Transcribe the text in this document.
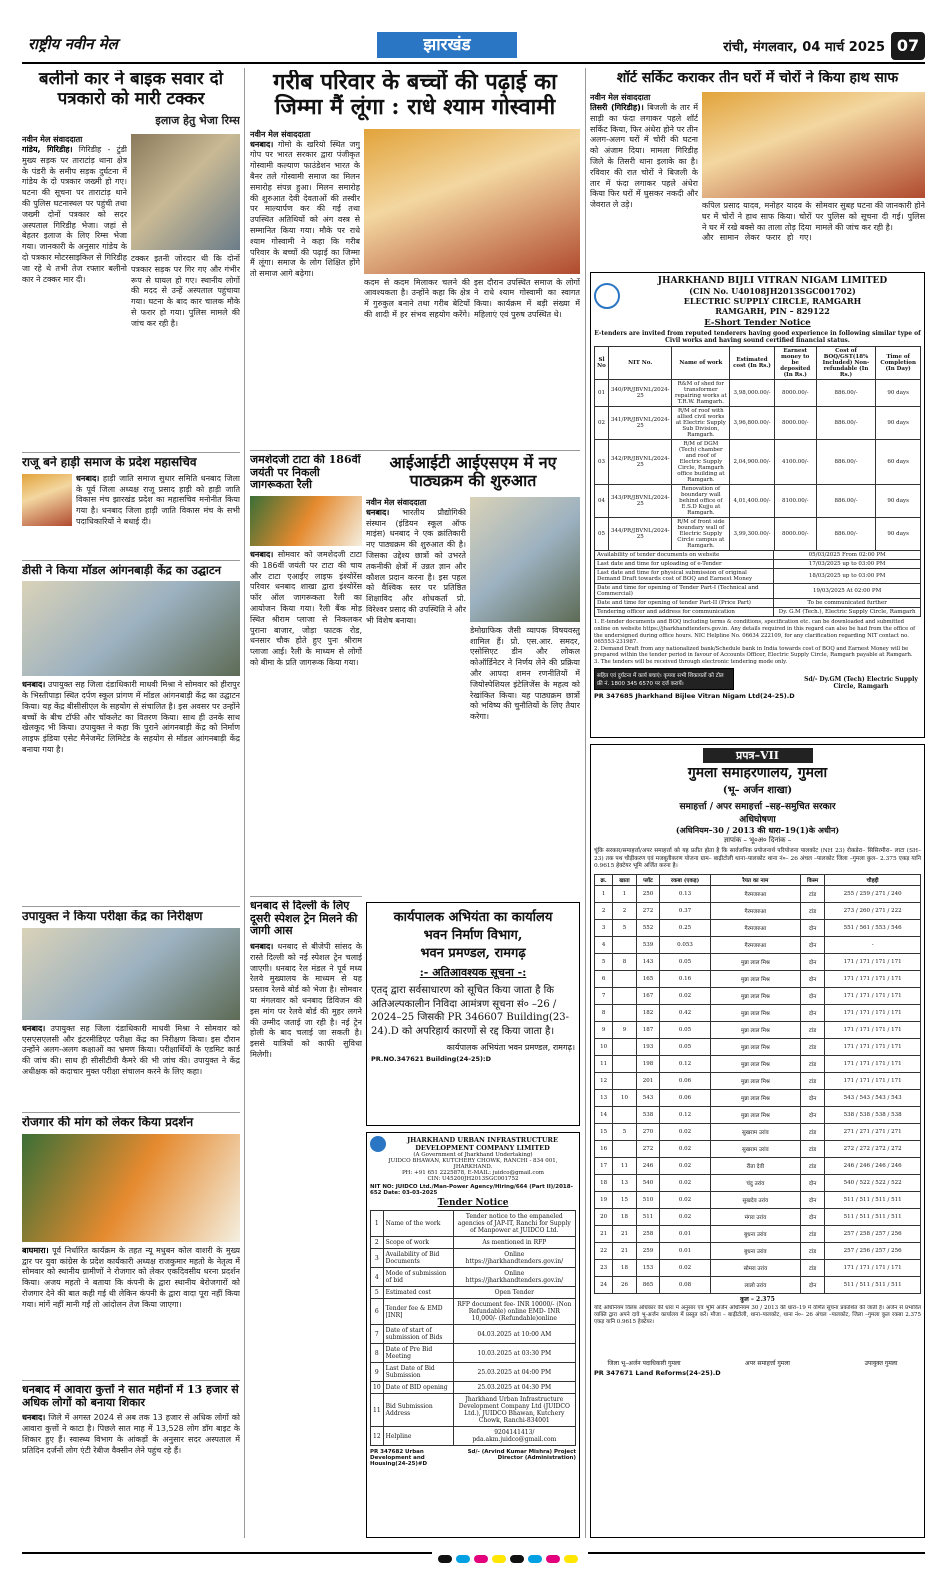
राष्ट्रीय नवीन मेल	झारखंड	रांची, मंगलवार, 04 मार्च 2025 07
बलीनो कार ने बाइक सवार दो पत्रकारो को मारी टक्कर
इलाज हेतु भेजा रिम्स
नवीन मेल संवाददाता
गांडेय, गिरिडीह। गिरिडीह - टुंडी मुख्य सड़क पर ताराटांड़ थाना क्षेत्र के पंडरी के समीप सड़क दुर्घटना में गांडेय के दो पत्रकार जख्मी हो गए। घटना की सूचना पर ताराटांड़ थाने की पुलिस घटनास्थल पर पहुंची तथा जख्मी दोनों पत्रकार को सदर अस्पताल गिरिडीह भेजा। जहां से बेहतर इलाज के लिए रिम्स भेजा गया। जानकारी के अनुसार गांडेय के दो पत्रकार मोटरसाइकिल से गिरिडीह जा रहे थे तभी तेज रफ्तार बलीनो कार ने टक्कर मार दी।
टक्कर इतनी जोरदार थी कि दोनों पत्रकार सड़क पर गिर गए और गंभीर रूप से घायल हो गए। स्थानीय लोगों की मदद से उन्हें अस्पताल पहुंचाया गया। घटना के बाद कार चालक मौके से फरार हो गया। पुलिस मामले की जांच कर रही है।
राजू बने हाड़ी समाज के प्रदेश महासचिव
धनबाद। हाड़ी जाति समाज सुधार समिति धनबाद जिला के पूर्व जिला अध्यक्ष राजू प्रसाद हाड़ी को हाड़ी जाति विकास मंच झारखंड प्रदेश का महासचिव मनोनीत किया गया है। धनबाद जिला हाड़ी जाति विकास मंच के सभी पदाधिकारियों ने बधाई दी।
डीसी ने किया मॉडल आंगनबाड़ी केंद्र का उद्घाटन
धनबाद। उपायुक्त सह जिला दंडाधिकारी माधवी मिश्रा ने सोमवार को हीरापुर के भिस्तीपाड़ा स्थित दर्पण स्कूल प्रांगण में मॉडल आंगनबाड़ी केंद्र का उद्घाटन किया। यह केंद्र बीसीसीएल के सहयोग से संचालित है। इस अवसर पर उन्होंने बच्चों के बीच टॉफी और चॉकलेट का वितरण किया। साथ ही उनके साथ खेलकूद भी किया। उपायुक्त ने कहा कि पुराने आंगनबाड़ी केंद्र को निर्माण लाइफ इंडिया एसेट मैनेजमेंट लिमिटेड के सहयोग से मॉडल आंगनबाड़ी केंद्र बनाया गया है।
उपायुक्त ने किया परीक्षा केंद्र का निरीक्षण
धनबाद। उपायुक्त सह जिला दंडाधिकारी माधवी मिश्रा ने सोमवार को एसएसएलसी और इंटरमीडिएट परीक्षा केंद्र का निरीक्षण किया। इस दौरान उन्होंने अलग-अलग कक्षाओं का भ्रमण किया। परीक्षार्थियों के एडमिट कार्ड की जांच की। साथ ही सीसीटीवी कैमरे की भी जांच की। उपायुक्त ने केंद्र अधीक्षक को कदाचार मुक्त परीक्षा संचालन करने के लिए कहा।
रोजगार की मांग को लेकर किया प्रदर्शन
बाघमारा। पूर्व निर्धारित कार्यक्रम के तहत न्यू मधुबन कोल वाशरी के मुख्य द्वार पर युवा कांग्रेस के प्रदेश कार्यकारी अध्यक्ष राजकुमार महतो के नेतृत्व में सोमवार को स्थानीय ग्रामीणों ने रोजगार को लेकर एकदिवसीय धरना प्रदर्शन किया। अजय महतो ने बताया कि कंपनी के द्वारा स्थानीय बेरोजगारों को रोजगार देने की बात कही गई थी लेकिन कंपनी के द्वारा वादा पूरा नहीं किया गया। मांगें नहीं मानी गईं तो आंदोलन तेज किया जाएगा।
धनबाद में आवारा कुत्तों ने सात महीनों में 13 हजार से अधिक लोगों को बनाया शिकार
धनबाद। जिले में अगस्त 2024 से अब तक 13 हजार से अधिक लोगों को आवारा कुत्तों ने काटा है। पिछले सात माह में 13,528 लोग डॉग बाइट के शिकार हुए हैं। स्वास्थ्य विभाग के आंकड़ों के अनुसार सदर अस्पताल में प्रतिदिन दर्जनों लोग एंटी रेबीज वैक्सीन लेने पहुंच रहे हैं।
गरीब परिवार के बच्चों की पढ़ाई का जिम्मा मैं लूंगा : राधे श्याम गोस्वामी
नवीन मेल संवाददाता
धनबाद। गोमो के खरियो स्थित जगु गोप पर भारत सरकार द्वारा पंजीकृत गोस्वामी कल्याण फाउंडेशन भारत के बैनर तले गोस्वामी समाज का मिलन समारोह संपन्न हुआ। मिलन समारोह की शुरुआत देवी देवताओं की तस्वीर पर माल्यार्पण कर की गई तथा उपस्थित अतिथियों को अंग वस्त्र से सम्मानित किया गया। मौके पर राधे श्याम गोस्वामी ने कहा कि गरीब परिवार के बच्चों की पढ़ाई का जिम्मा मैं लूंगा। समाज के लोग शिक्षित होंगे तो समाज आगे बढ़ेगा।
कदम से कदम मिलाकर चलने की आवश्यकता है। उन्होंने कहा कि क्षेत्र में गुरुकुल बनाने तथा गरीब बेटियों की शादी में हर संभव सहयोग करेंगे। इस दौरान उपस्थित समाज के लोगों ने राधे श्याम गोस्वामी का स्वागत किया। कार्यक्रम में बड़ी संख्या में महिलाएं एवं पुरुष उपस्थित थे।
जमशेदजी टाटा की 186वीं जयंती पर निकली जागरूकता रैली
धनबाद। सोमवार को जमशेदजी टाटा की 186वीं जयंती पर टाटा की चाय और टाटा एआईए लाइफ इंश्योरेंस परिवार धनबाद शाखा द्वारा इंश्योरेंस फॉर ऑल जागरूकता रैली का आयोजन किया गया। रैली बैंक मोड़ स्थित श्रीराम प्लाजा से निकलकर पुराना बाजार, जोड़ा फाटक रोड, धनसार चौक होते हुए पुनः श्रीराम प्लाजा आई। रैली के माध्यम से लोगों को बीमा के प्रति जागरूक किया गया।
आईआईटी आईएसएम में नए पाठ्यक्रम की शुरुआत
नवीन मेल संवाददाता
धनबाद। भारतीय प्रौद्योगिकी संस्थान (इंडियन स्कूल ऑफ माइंस) धनबाद ने एक क्रांतिकारी नए पाठ्यक्रम की शुरुआत की है। जिसका उद्देश्य छात्रों को उभरते तकनीकी क्षेत्रों में उन्नत ज्ञान और कौशल प्रदान करना है। इस पहल को वैश्विक स्तर पर प्रतिष्ठित शिक्षाविद और शोधकर्ता प्रो. विरेश्वर प्रसाद की उपस्थिति ने और भी विशेष बनाया।
डेमोग्राफिक जैसी व्यापक विषयवस्तु शामिल हैं। प्रो. एस.आर. समदर, एसोसिएट डीन और लोकल कोऑर्डिनेटर ने निर्णय लेने की प्रक्रिया और आपदा शमन रणनीतियों में जियोस्पेशियल इंटेलिजेंस के महत्व को रेखांकित किया। यह पाठ्यक्रम छात्रों को भविष्य की चुनौतियों के लिए तैयार करेगा।
धनबाद से दिल्ली के लिए दूसरी स्पेशल ट्रेन मिलने की जागी आस
धनबाद। धनबाद से बीजेपी सांसद के रास्ते दिल्ली को नई स्पेशल ट्रेन चलाई जाएगी। धनबाद रेल मंडल ने पूर्व मध्य रेलवे मुख्यालय के माध्यम से यह प्रस्ताव रेलवे बोर्ड को भेजा है। सोमवार या मंगलवार को धनबाद डिविजन की इस मांग पर रेलवे बोर्ड की मुहर लगने की उम्मीद जताई जा रही है। नई ट्रेन होली के बाद चलाई जा सकती है। इससे यात्रियों को काफी सुविधा मिलेगी।
कार्यपालक अभियंता का कार्यालय
भवन निर्माण विभाग,
भवन प्रमण्डल, रामगढ़
:- अतिआवश्यक सूचना -:
एतद् द्वारा सर्वसाधारण को सूचित किया जाता है कि अतिअल्पकालीन निविदा आमंत्रण सूचना सं० –26 / 2024–25 जिसकी PR 346607 Building(23-24).D को अपरिहार्य कारणों से रद्द किया जाता है।
कार्यपालक अभियंता भवन प्रमण्डल, रामगढ़।
PR.NO.347621 Building(24-25):D
JHARKHAND URBAN INFRASTRUCTURE DEVELOPMENT COMPANY LIMITED
(A Government of Jharkhand Undertaking)
JUIDCO BHAWAN, KUTCHERY CHOWK, RANCHI - 834 001, JHARKHAND.
PH: +91 651 2225878, E-MAIL: juidco@gmail.com
CIN: U45200JH2013SGC001752
NIT NO: JUIDCO Ltd./Man-Power Agency/Hiring/664 (Part II)/2018-652 Date: 03-03-2025
Tender Notice
1	Name of the work	Tender notice to the empaneled agencies of JAP-IT, Ranchi for Supply of Manpower at JUIDCO Ltd.
2	Scope of work	As mentioned in RFP
3	Availability of Bid Documents	Online https://jharkhandtenders.gov.in/
4	Mode of submission of bid	Online https://jharkhandtenders.gov.in/
5	Estimated cost	Open Tender
6	Tender fee & EMD [INR]	RFP document fee- INR 10000/- (Non Refundable) online EMD- INR 10,000/- (Refundable)online
7	Date of start of submission of Bids	04.03.2025 at 10:00 AM
8	Date of Pre Bid Meeting	10.03.2025 at 03:30 PM
9	Last Date of Bid Submission	25.03.2025 at 04:00 PM
10	Date of BID opening	25.03.2025 at 04:30 PM
11	Bid Submission Address	Jharkhand Urban Infrastructure Development Company Ltd (JUIDCO Ltd.), JUIDCO Bhawan, Kutchery Chowk, Ranchi-834001
12	Helpline	9204141413/ pda.akm.juidco@gmail.com
PR 347682 Urban Development and Housing(24-25)#D
Sd/- (Arvind Kumar Mishra) Project Director (Administration)
शॉर्ट सर्किट कराकर तीन घरों में चोरों ने किया हाथ साफ
नवीन मेल संवाददाता
तिसरी (गिरिडीह)। बिजली के तार में साड़ी का फंदा लगाकर पहले शॉर्ट सर्किट किया, फिर अंधेरा होने पर तीन अलग-अलग घरों में चोरी की घटना को अंजाम दिया। मामला गिरिडीह जिले के तिसरी थाना इलाके का है। रविवार की रात चोरों ने बिजली के तार में फंदा लगाकर पहले अंधेरा किया फिर घरों में घुसकर नकदी और जेवरात ले उड़े।	कपिल प्रसाद यादव, मनोहर यादव के घर में चोरों ने हाथ साफ किया। चोरों ने घर में रखे बक्से का ताला तोड़ दिया और सामान लेकर फरार हो गए। सोमवार सुबह घटना की जानकारी होने पर पुलिस को सूचना दी गई। पुलिस मामले की जांच कर रही है।
JHARKHAND BIJLI VITRAN NIGAM LIMITED
(CIN No. U40108JH2013SGC001702)
ELECTRIC SUPPLY CIRCLE, RAMGARH
RAMGARH, PIN – 829122
E-Short Tender Notice
E-tenders are invited from reputed tenderers having good experience in following similar type of Civil works and having sound certified financial status.
Sl No	NIT No.	Name of work	Estimated cost (In Rs.)	Earnest money to be deposited (In Rs.)	Cost of BOQ/GST(18% Included) Non-refundable (In Rs.)	Time of Completion (In Day)
01	340/PR/JBVNL/2024-25	R&M of shed for transformer repairing works at T.R.W. Ramgarh.	3,98,000.00/-	8000.00/-	886.00/-	90 days
02	341/PR/JBVNL/2024-25	R/M of roof with allied civil works at Electric Supply Sub Division, Ramgarh.	3,96,800.00/-	8000.00/-	886.00/-	90 days
03	342/PR/JBVNL/2024-25	R/M of DGM (Tech) chamber and roof of Electric Supply Circle, Ramgarh office building at Ramgarh.	2,04,900.00/-	4100.00/-	886.00/-	60 days
04	343/PR/JBVNL/2024-25	Renovation of boundary wall behind office of E.S.D Kujju at Ramgarh.	4,01,400.00/-	8100.00/-	886.00/-	90 days
05	344/PR/JBVNL/2024-25	R/M of front side boundary wall of Electric Supply Circle campus at Ramgarh.	3,99,300.00/-	8000.00/-	886.00/-	90 days
Availability of tender documents on website	05/03/2025 From 02:00 PM
Last date and time for uploading of e-Tender	17/03/2025 up to 03:00 PM
Last date and time for physical submission of original Demand Draft towards cost of BOQ and Earnest Money	18/03/2025 up to 03:00 PM
Date and time for opening of Tender Part-I (Technical and Commercial)	19/03/2025 At 02:00 PM
Date and time for opening of tender Part-II (Price Part)	To be communicated further
Tendering officer and address for communication	Dy. G.M (Tech.), Electric Supply Circle, Ramgarh
1. E-tender documents and BOQ including terms & conditions, specification etc. can be downloaded and submitted online on website https://jharkhandtenders.gov.in. Any details required in this regard can also be had from the office of the undersigned during office hours. NIC Helpline No. 06634 222109, for any clarification regarding NIT contact no. 065553-231987.
2. Demand Draft from any nationalized bank/Schedule bank in India towards cost of BOQ and Earnest Money will be prepared within the tender period in favour of Accounts Officer, Electric Supply Circle, Ramgarh payable at Ramgarh.
3. The tenders will be received through electronic tendering mode only.
सहित एवं दुर्घटना में कार्य बचाएं। कृपया सभी शिकायतों को टोल फ्री नं. 1800 345 6570 पर दर्ज करायें।
Sd/- Dy.GM (Tech) Electric Supply Circle, Ramgarh
PR 347685 Jharkhand Bijlee Vitran Nigam Ltd(24-25).D
प्रपत्र–VII
गुमला समाहरणालय, गुमला
(भू– अर्जन शाखा)
समाहर्त्ता / अपर समाहर्त्ता –सह–समुचित सरकार
अधिघोषणा
(अधिनियम–30 / 2013 की धारा–19(1)के अधीन)
ज्ञापांक – भू०अ० दिनांक –
चूंकि सरकार/समाहर्त्ता/अपर समाहर्त्ता को यह प्रतीत होता है कि सार्वजनिक प्रयोजनार्थ परियोजना पालकोट (NH 23) रोकडेरा– सिसिरमीरा– लाटा (SH–23) तक पथ चौड़ीकरण एवं मजबूतीकरण योजना ग्राम– बाढ़ीटोली थाना–पालकोट थाना नं०– 26 अंचल –पालकोट जिला –गुमला कुल– 2.375 एकड़ यानि 0.9615 हेक्टेयर भूमि अर्जित करना है।
क्र.	खाता	प्लॉट	रकबा (एकड़)	रैयत का नाम	किस्म	चौहद्दी
1	1	250	0.13	गैरमजरुआ	टांड	255 / 259 / 271 / 240
2	2	272	0.37	गैरमजरुआ	टांड	273 / 260 / 271 / 222
3	5	552	0.25	गैरमजरुआ	दोन	551 / 561 / 553 / 546
4		539	0.053	गैरमजरुआ	दोन	-
5	8	143	0.05	मुन्ना लाल मिश्र	दोन	171 / 171 / 171 / 171
6		165	0.16	मुन्ना लाल मिश्र	दोन	171 / 171 / 171 / 171
7		167	0.02	मुन्ना लाल मिश्र	दोन	171 / 171 / 171 / 171
8		182	0.42	मुन्ना लाल मिश्र	दोन	171 / 171 / 171 / 171
9	9	187	0.05	मुन्ना लाल मिश्र	टांड	171 / 171 / 171 / 171
10		193	0.05	मुन्ना लाल मिश्र	टांड	171 / 171 / 171 / 171
11		198	0.12	मुन्ना लाल मिश्र	टांड	171 / 171 / 171 / 171
12		201	0.06	मुन्ना लाल मिश्र	टांड	171 / 171 / 171 / 171
13	10	543	0.06	मुन्ना लाल मिश्र	दोन	543 / 543 / 543 / 543
14		538	0.12	मुन्ना लाल मिश्र	दोन	538 / 538 / 538 / 538
15	5	270	0.02	सुखराम उरांव	टांड	271 / 271 / 271 / 271
16		272	0.02	सुखराम उरांव	टांड	272 / 272 / 272 / 272
17	11	246	0.02	रीता देवी	टांड	246 / 246 / 246 / 246
18	13	540	0.02	चंदु उरांव	दोन	540 / 522 / 522 / 522
19	15	510	0.02	सुखदेव उरांव	दोन	511 / 511 / 511 / 511
20	18	511	0.02	मंगरा उरांव	दोन	511 / 511 / 511 / 511
21	21	258	0.01	बुधना उरांव	टांड	257 / 258 / 257 / 256
22	21	259	0.01	बुधना उरांव	टांड	257 / 256 / 257 / 256
23	18	153	0.02	सोमरा उरांव	टांड	171 / 171 / 171 / 171
24	26	865	0.08	लालो उरांव	दोन	511 / 511 / 511 / 511
कुल – 2.375
यदि अधिनियम विलंब अधिकार की धारा में अनुसार एवं भूमि अर्जन अधिनियम 30 / 2013 की धारा–19 में वर्णित सूचना प्रकाशित की जाती है। अर्जन से प्रभावित व्यक्ति द्वारा अपने दावे भू-अर्जन कार्यालय में प्रस्तुत करें। मौजा – बाढ़ीटोली, थाना–पालकोट, थाना नं०– 26 अंचल –पालकोट, जिला –गुमला कुल रकबा 2.375 एकड़ यानि 0.9615 हेक्टेयर।
जिला भू–अर्जन पदाधिकारी गुमला	अपर समाहर्त्ता गुमला	उपायुक्त गुमला
PR 347671 Land Reforms(24-25).D
